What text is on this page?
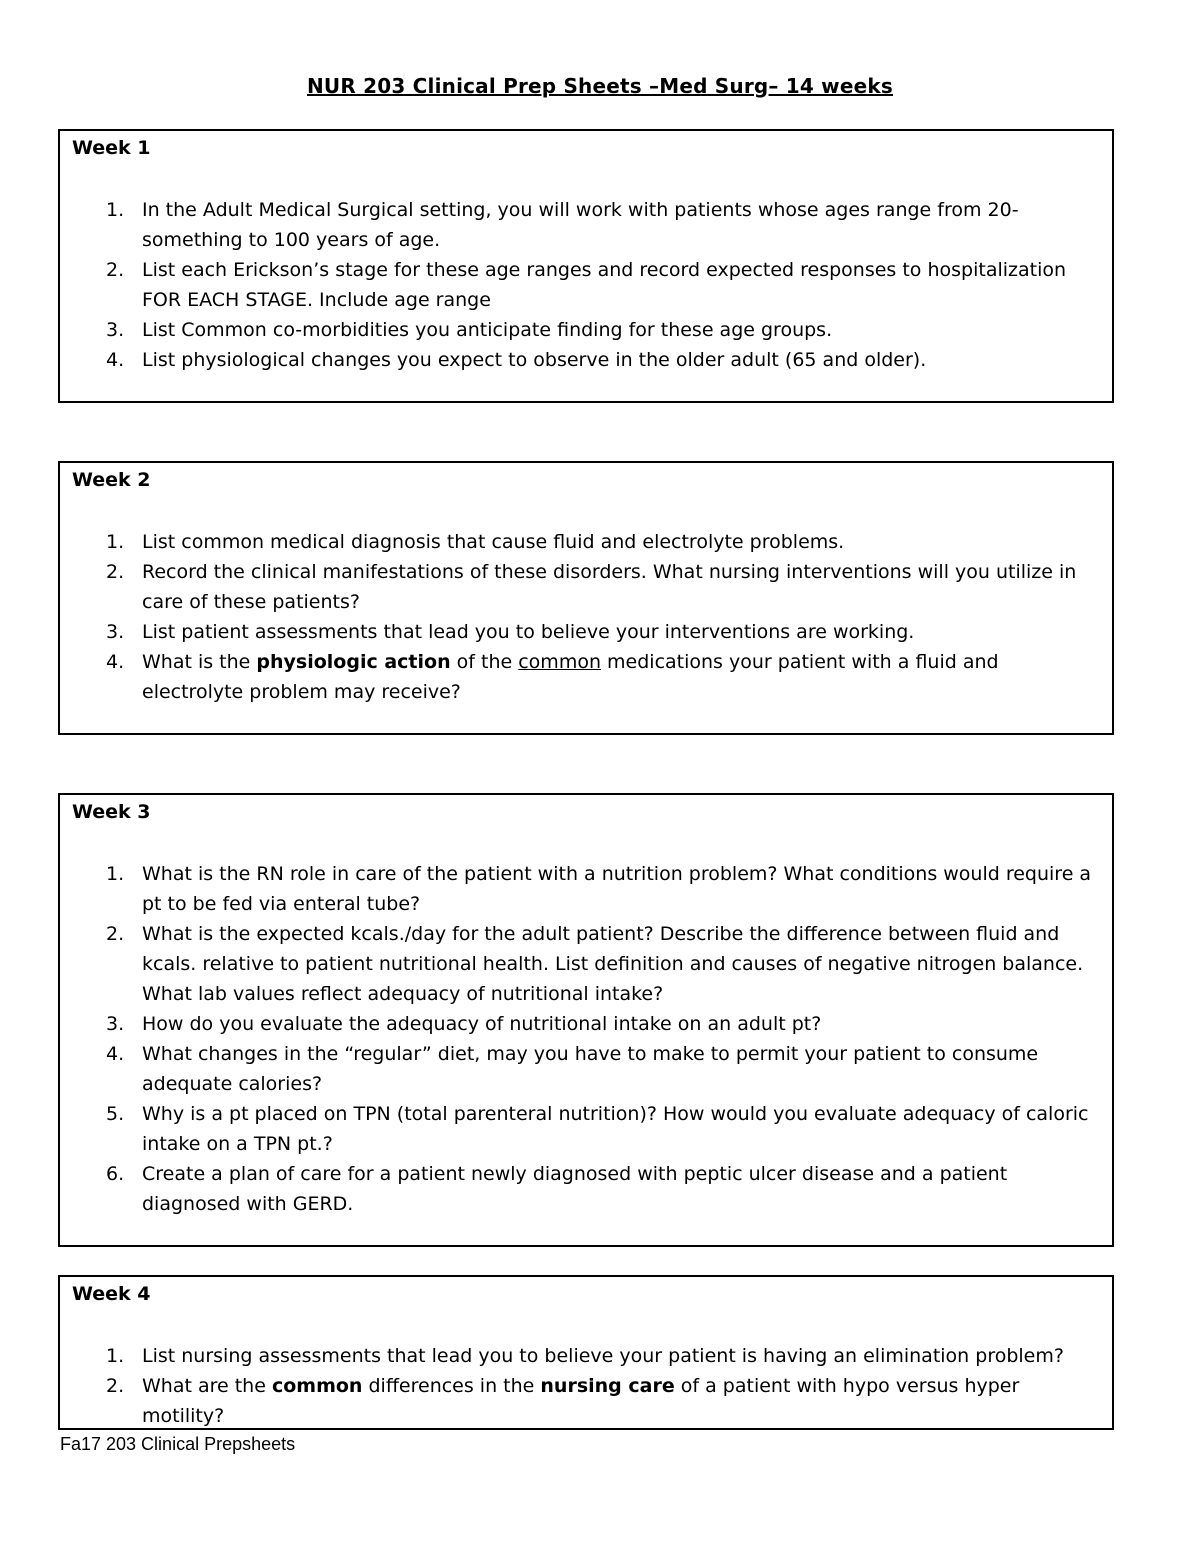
NUR 203 Clinical Prep Sheets –Med Surg– 14 weeks
Week 1
1. In the Adult Medical Surgical setting, you will work with patients whose ages range from 20-something to 100 years of age.
2. List each Erickson’s stage for these age ranges and record expected responses to hospitalization FOR EACH STAGE. Include age range
3. List Common co-morbidities you anticipate finding for these age groups.
4. List physiological changes you expect to observe in the older adult (65 and older).
Week 2
1. List common medical diagnosis that cause fluid and electrolyte problems.
2. Record the clinical manifestations of these disorders. What nursing interventions will you utilize in care of these patients?
3. List patient assessments that lead you to believe your interventions are working.
4. What is the physiologic action of the common medications your patient with a fluid and electrolyte problem may receive?
Week 3
1. What is the RN role in care of the patient with a nutrition problem? What conditions would require a pt to be fed via enteral tube?
2. What is the expected kcals./day for the adult patient? Describe the difference between fluid and kcals. relative to patient nutritional health. List definition and causes of negative nitrogen balance. What lab values reflect adequacy of nutritional intake?
3. How do you evaluate the adequacy of nutritional intake on an adult pt?
4. What changes in the “regular” diet, may you have to make to permit your patient to consume adequate calories?
5. Why is a pt placed on TPN (total parenteral nutrition)? How would you evaluate adequacy of caloric intake on a TPN pt.?
6. Create a plan of care for a patient newly diagnosed with peptic ulcer disease and a patient diagnosed with GERD.
Week 4
1. List nursing assessments that lead you to believe your patient is having an elimination problem?
2. What are the common differences in the nursing care of a patient with hypo versus hyper motility?
Fa17 203 Clinical Prepsheets
